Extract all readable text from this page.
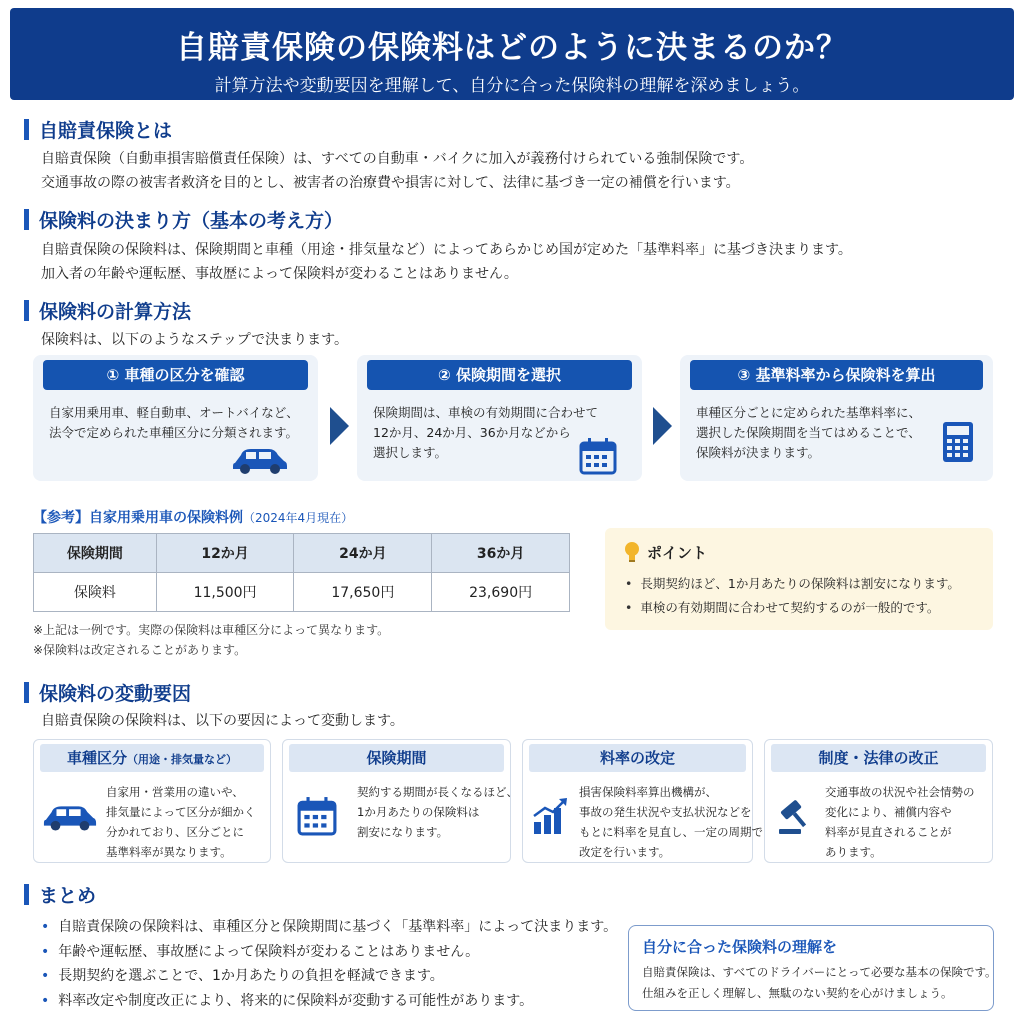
自賠責保険の保険料はどのように決まるのか？
計算方法や変動要因を理解して、自分に合った保険料の理解を深めましょう。
自賠責保険とは
自賠責保険（自動車損害賠償責任保険）は、すべての自動車・バイクに加入が義務付けられている強制保険です。
交通事故の際の被害者救済を目的とし、被害者の治療費や損害に対して、法律に基づき一定の補償を行います。
保険料の決まり方（基本の考え方）
自賠責保険の保険料は、保険期間と車種（用途・排気量など）によってあらかじめ国が定めた「基準料率」に基づき決まります。
加入者の年齢や運転歴、事故歴によって保険料が変わることはありません。
保険料の計算方法
保険料は、以下のようなステップで決まります。
① 車種の区分を確認
自家用乗用車、軽自動車、オートバイなど、
法令で定められた車種区分に分類されます。
② 保険期間を選択
保険期間は、車検の有効期間に合わせて
12か月、24か月、36か月などから
選択します。
③ 基準料率から保険料を算出
車種区分ごとに定められた基準料率に、
選択した保険期間を当てはめることで、
保険料が決まります。
【参考】自家用乗用車の保険料例（2024年4月現在）
保険期間	12か月	24か月	36か月
保険料	11,500円	17,650円	23,690円
※上記は一例です。実際の保険料は車種区分によって異なります。
※保険料は改定されることがあります。
ポイント
• 長期契約ほど、1か月あたりの保険料は割安になります。
• 車検の有効期間に合わせて契約するのが一般的です。
保険料の変動要因
自賠責保険の保険料は、以下の要因によって変動します。
車種区分（用途・排気量など）
自家用・営業用の違いや、
排気量によって区分が細かく
分かれており、区分ごとに
基準料率が異なります。
保険期間
契約する期間が長くなるほど、
1か月あたりの保険料は
割安になります。
料率の改定
損害保険料率算出機構が、
事故の発生状況や支払状況などを
もとに料率を見直し、一定の周期で
改定を行います。
制度・法律の改正
交通事故の状況や社会情勢の
変化により、補償内容や
料率が見直されることが
あります。
まとめ
• 自賠責保険の保険料は、車種区分と保険期間に基づく「基準料率」によって決まります。
• 年齢や運転歴、事故歴によって保険料が変わることはありません。
• 長期契約を選ぶことで、1か月あたりの負担を軽減できます。
• 料率改定や制度改正により、将来的に保険料が変動する可能性があります。
自分に合った保険料の理解を
自賠責保険は、すべてのドライバーにとって必要な基本の保険です。
仕組みを正しく理解し、無駄のない契約を心がけましょう。
